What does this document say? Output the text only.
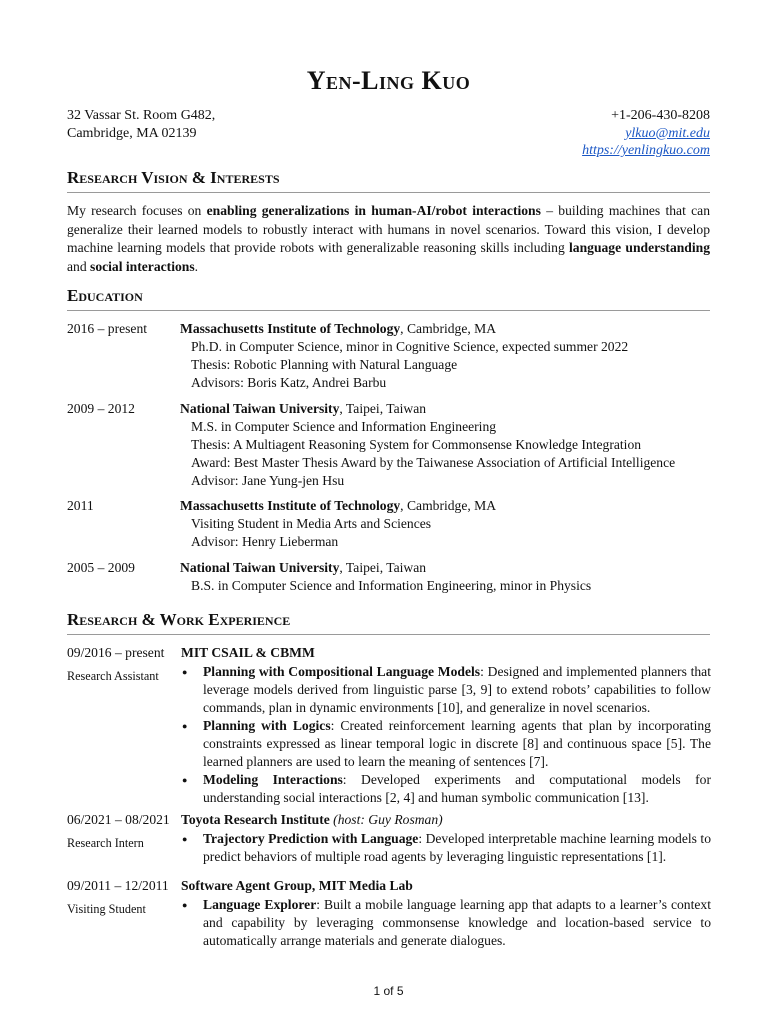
Yen-Ling Kuo
32 Vassar St. Room G482,
Cambridge, MA 02139
+1-206-430-8208
ylkuo@mit.edu
https://yenlingkuo.com
Research Vision & Interests
My research focuses on enabling generalizations in human-AI/robot interactions – building machines that can generalize their learned models to robustly interact with humans in novel scenarios. Toward this vision, I develop machine learning models that provide robots with generalizable reasoning skills including language understanding and social interactions.
Education
2016 – present Massachusetts Institute of Technology, Cambridge, MA
Ph.D. in Computer Science, minor in Cognitive Science, expected summer 2022
Thesis: Robotic Planning with Natural Language
Advisors: Boris Katz, Andrei Barbu
2009 – 2012	National Taiwan University, Taipei, Taiwan
M.S. in Computer Science and Information Engineering
Thesis: A Multiagent Reasoning System for Commonsense Knowledge Integration
Award: Best Master Thesis Award by the Taiwanese Association of Artificial Intelligence
Advisor: Jane Yung-jen Hsu
2011	Massachusetts Institute of Technology, Cambridge, MA
Visiting Student in Media Arts and Sciences
Advisor: Henry Lieberman
2005 – 2009	National Taiwan University, Taipei, Taiwan
B.S. in Computer Science and Information Engineering, minor in Physics
Research & Work Experience
09/2016 – present
Research Assistant
MIT CSAIL & CBMM
● Planning with Compositional Language Models: Designed and implemented planners that leverage models derived from linguistic parse [3, 9] to extend robots’ capabilities to follow commands, plan in dynamic environments [10], and generalize in novel scenarios.
● Planning with Logics: Created reinforcement learning agents that plan by incorporating constraints expressed as linear temporal logic in discrete [8] and continuous space [5]. The learned planners are used to learn the meaning of sentences [7].
● Modeling Interactions: Developed experiments and computational models for understanding social interactions [2, 4] and human symbolic communication [13].
06/2021 – 08/2021
Research Intern
Toyota Research Institute (host: Guy Rosman)
● Trajectory Prediction with Language: Developed interpretable machine learning models to predict behaviors of multiple road agents by leveraging linguistic representations [1].
09/2011 – 12/2011
Visiting Student
Software Agent Group, MIT Media Lab
● Language Explorer: Built a mobile language learning app that adapts to a learner’s context and capability by leveraging commonsense knowledge and location-based service to automatically arrange materials and generate dialogues.
1 of 5
